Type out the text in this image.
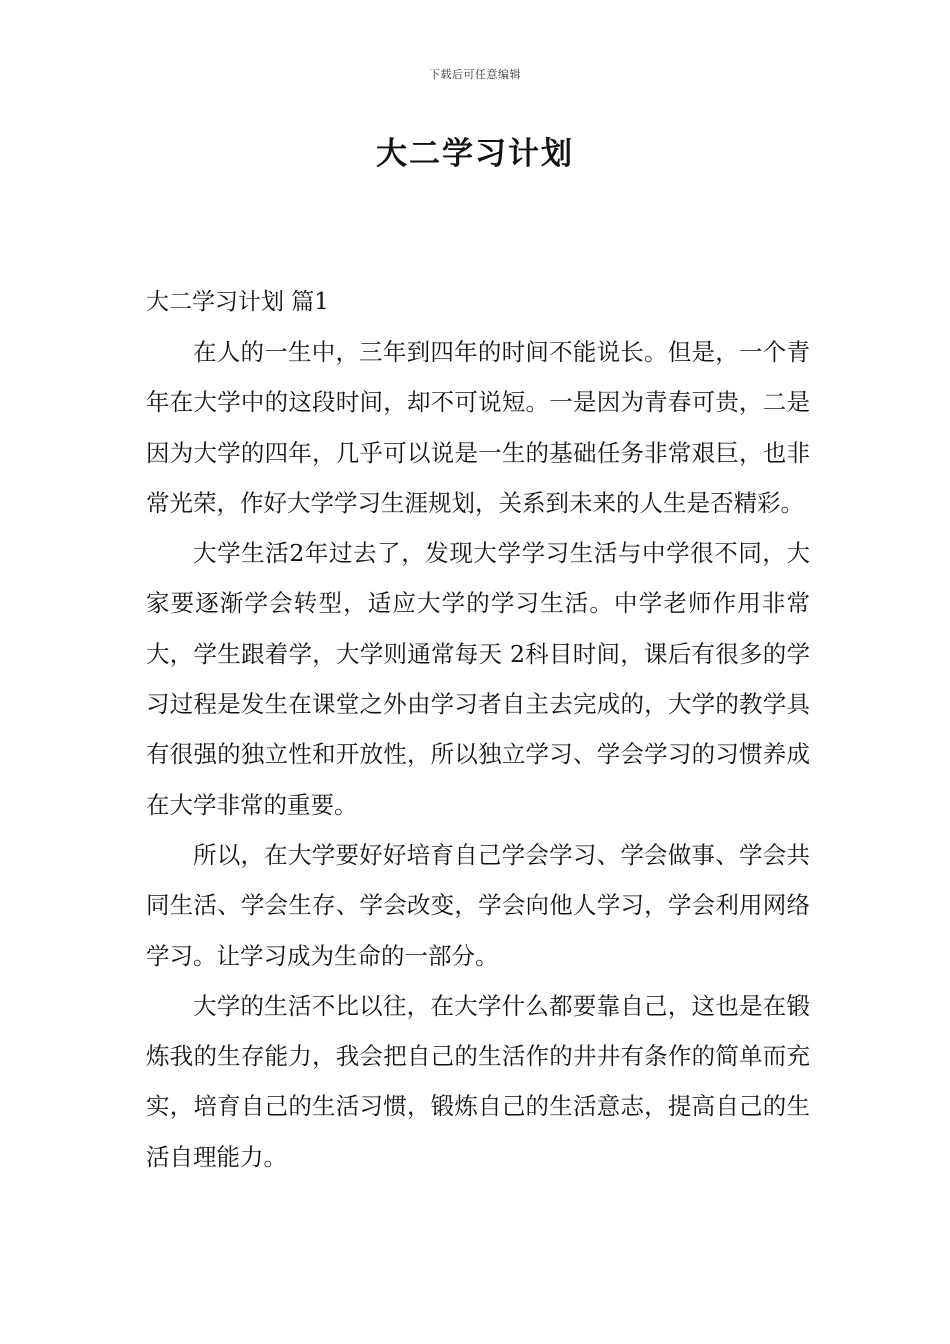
下载后可任意编辑
大二学习计划
大二学习计划 篇1

在人的一生中，三年到四年的时间不能说长。但是，一个青年在大学中的这段时间，却不可说短。一是因为青春可贵，二是因为大学的四年，几乎可以说是一生的基础任务非常艰巨，也非常光荣，作好大学学习生涯规划，关系到未来的人生是否精彩。

大学生活2年过去了，发现大学学习生活与中学很不同，大家要逐渐学会转型，适应大学的学习生活。中学老师作用非常大，学生跟着学，大学则通常每天 2科目时间，课后有很多的学习过程是发生在课堂之外由学习者自主去完成的，大学的教学具有很强的独立性和开放性，所以独立学习、学会学习的习惯养成在大学非常的重要。

所以，在大学要好好培育自己学会学习、学会做事、学会共同生活、学会生存、学会改变，学会向他人学习，学会利用网络学习。让学习成为生命的一部分。

大学的生活不比以往，在大学什么都要靠自己，这也是在锻炼我的生存能力，我会把自己的生活作的井井有条作的简单而充实，培育自己的生活习惯，锻炼自己的生活意志，提高自己的生活自理能力。
